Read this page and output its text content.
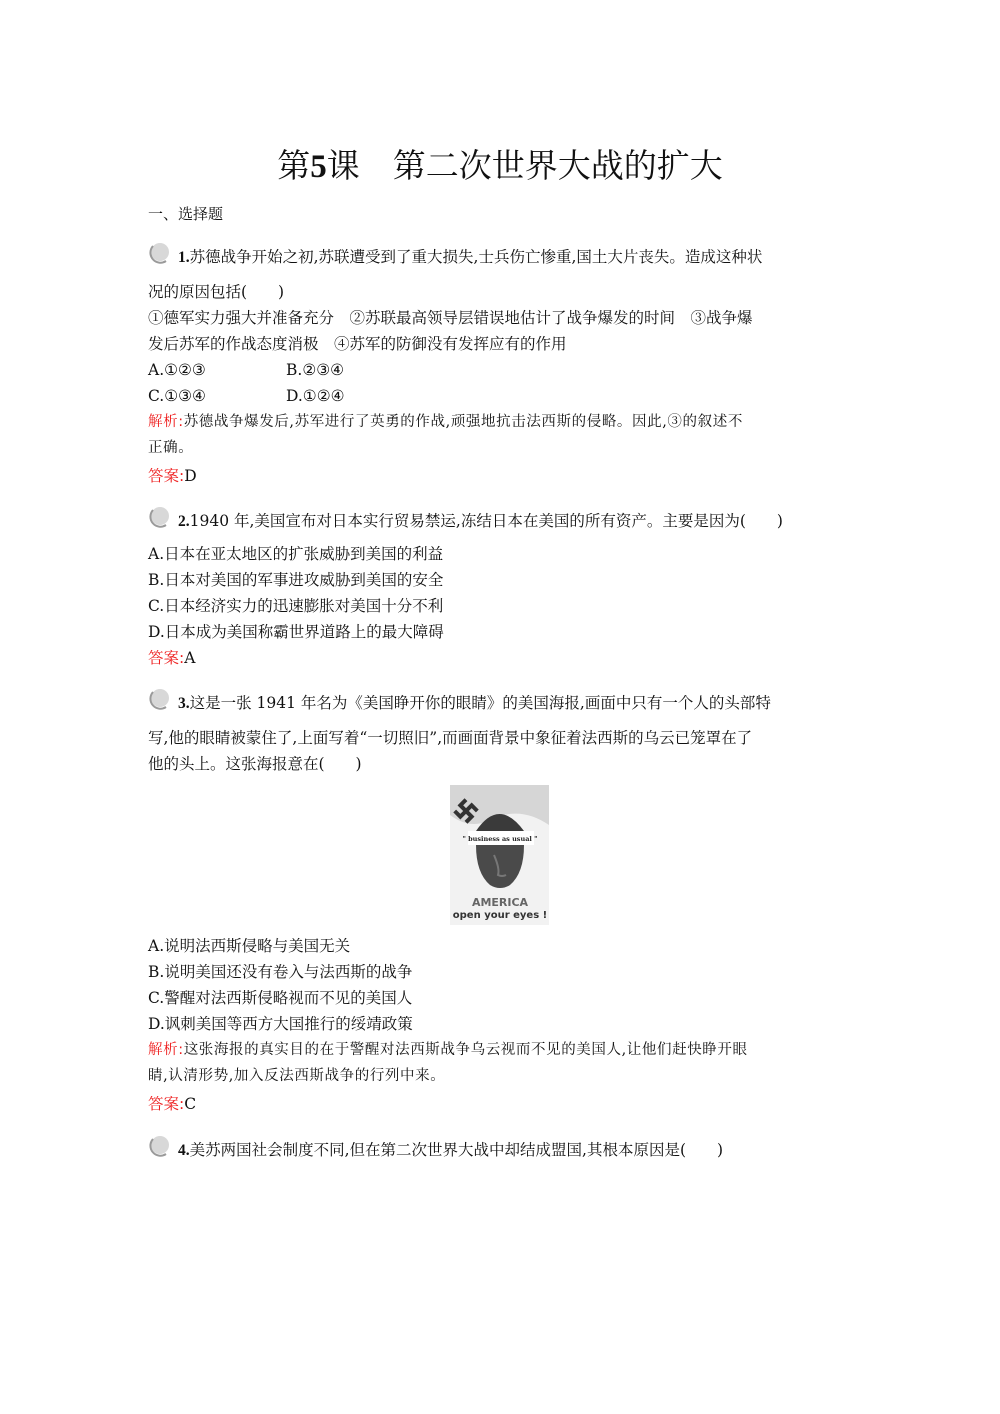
第5课　第二次世界大战的扩大
一、选择题
1.苏德战争开始之初,苏联遭受到了重大损失,士兵伤亡惨重,国土大片丧失。造成这种状
况的原因包括(　　)
①德军实力强大并准备充分　②苏联最高领导层错误地估计了战争爆发的时间　③战争爆
发后苏军的作战态度消极　④苏军的防御没有发挥应有的作用
A.①②③	B.②③④
C.①③④	D.①②④
解析:苏德战争爆发后,苏军进行了英勇的作战,顽强地抗击法西斯的侵略。因此,③的叙述不
正确。
答案:D
2.1940 年,美国宣布对日本实行贸易禁运,冻结日本在美国的所有资产。主要是因为(　　)
A.日本在亚太地区的扩张威胁到美国的利益
B.日本对美国的军事进攻威胁到美国的安全
C.日本经济实力的迅速膨胀对美国十分不利
D.日本成为美国称霸世界道路上的最大障碍
答案:A
3.这是一张 1941 年名为《美国睁开你的眼睛》的美国海报,画面中只有一个人的头部特
写,他的眼睛被蒙住了,上面写着“一切照旧”,而画面背景中象征着法西斯的乌云已笼罩在了
他的头上。这张海报意在(　　)
" business as usual "
AMERICA
open your eyes !
A.说明法西斯侵略与美国无关
B.说明美国还没有卷入与法西斯的战争
C.警醒对法西斯侵略视而不见的美国人
D.讽刺美国等西方大国推行的绥靖政策
解析:这张海报的真实目的在于警醒对法西斯战争乌云视而不见的美国人,让他们赶快睁开眼
睛,认清形势,加入反法西斯战争的行列中来。
答案:C
4.美苏两国社会制度不同,但在第二次世界大战中却结成盟国,其根本原因是(　　)
